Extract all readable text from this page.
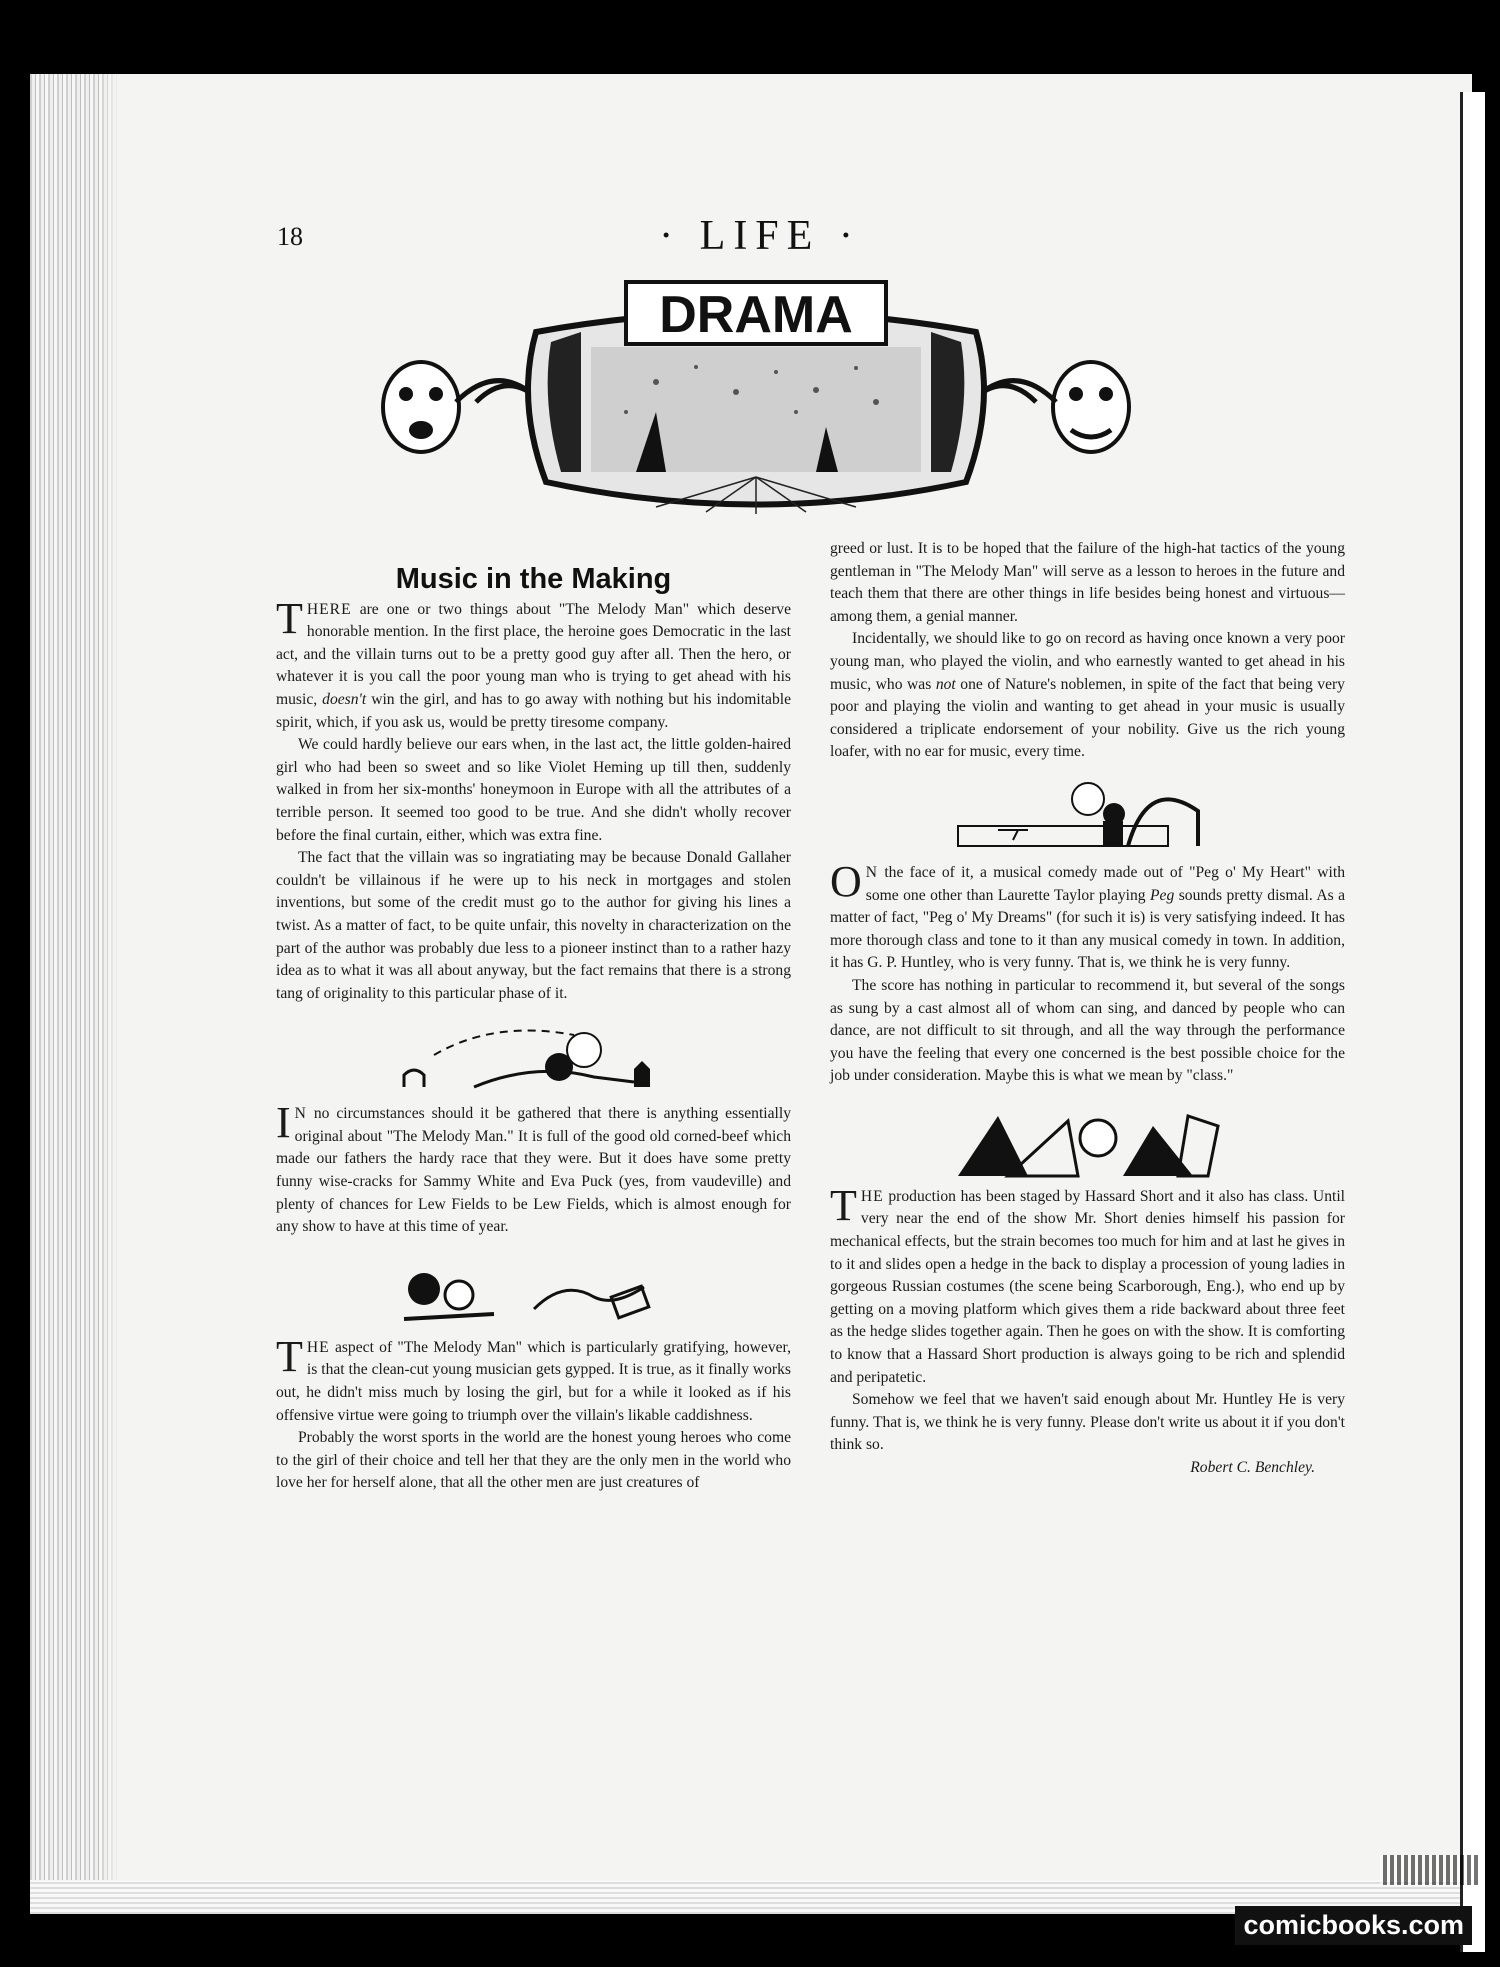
18	· LIFE ·
DRAMA
Music in the Making

THERE are one or two things about "The Melody Man" which deserve honorable mention. In the first place, the heroine goes Democratic in the last act, and the villain turns out to be a pretty good guy after all. Then the hero, or whatever it is you call the poor young man who is trying to get ahead with his music, doesn't win the girl, and has to go away with nothing but his indomitable spirit, which, if you ask us, would be pretty tiresome company.

We could hardly believe our ears when, in the last act, the little golden-haired girl who had been so sweet and so like Violet Heming up till then, suddenly walked in from her six-months' honeymoon in Europe with all the attributes of a terrible person. It seemed too good to be true. And she didn't wholly recover before the final curtain, either, which was extra fine.

The fact that the villain was so ingratiating may be because Donald Gallaher couldn't be villainous if he were up to his neck in mortgages and stolen inventions, but some of the credit must go to the author for giving his lines a twist. As a matter of fact, to be quite unfair, this novelty in characterization on the part of the author was probably due less to a pioneer instinct than to a rather hazy idea as to what it was all about anyway, but the fact remains that there is a strong tang of originality to this particular phase of it.

I N no circumstances should it be gathered that there is anything essentially original about "The Melody Man." It is full of the good old corned-beef which made our fathers the hardy race that they were. But it does have some pretty funny wise-cracks for Sammy White and Eva Puck (yes, from vaudeville) and plenty of chances for Lew Fields to be Lew Fields, which is almost enough for any show to have at this time of year.

THE aspect of "The Melody Man" which is particularly gratifying, however, is that the clean-cut young musician gets gypped. It is true, as it finally works out, he didn't miss much by losing the girl, but for a while it looked as if his offensive virtue were going to triumph over the villain's likable caddishness.

Probably the worst sports in the world are the honest young heroes who come to the girl of their choice and tell her that they are the only men in the world who love her for herself alone, that all the other men are just creatures of

greed or lust. It is to be hoped that the failure of the high-hat tactics of the young gentleman in "The Melody Man" will serve as a lesson to heroes in the future and teach them that there are other things in life besides being honest and virtuous—among them, a genial manner.

Incidentally, we should like to go on record as having once known a very poor young man, who played the violin, and who earnestly wanted to get ahead in his music, who was not one of Nature's noblemen, in spite of the fact that being very poor and playing the violin and wanting to get ahead in your music is usually considered a triplicate endorsement of your nobility. Give us the rich young loafer, with no ear for music, every time.

O N the face of it, a musical comedy made out of "Peg o' My Heart" with some one other than Laurette Taylor playing Peg sounds pretty dismal. As a matter of fact, "Peg o' My Dreams" (for such it is) is very satisfying indeed. It has more thorough class and tone to it than any musical comedy in town. In addition, it has G. P. Huntley, who is very funny. That is, we think he is very funny.

The score has nothing in particular to recommend it, but several of the songs as sung by a cast almost all of whom can sing, and danced by people who can dance, are not difficult to sit through, and all the way through the performance you have the feeling that every one concerned is the best possible choice for the job under consideration. Maybe this is what we mean by "class."

THE production has been staged by Hassard Short and it also has class. Until very near the end of the show Mr. Short denies himself his passion for mechanical effects, but the strain becomes too much for him and at last he gives in to it and slides open a hedge in the back to display a procession of young ladies in gorgeous Russian costumes (the scene being Scarborough, Eng.), who end up by getting on a moving platform which gives them a ride backward about three feet as the hedge slides together again. Then he goes on with the show. It is comforting to know that a Hassard Short production is always going to be rich and splendid and peripatetic.

Somehow we feel that we haven't said enough about Mr. Huntley He is very funny. That is, we think he is very funny. Please don't write us about it if you don't think so.

Robert C. Benchley.

comicbooks.com
